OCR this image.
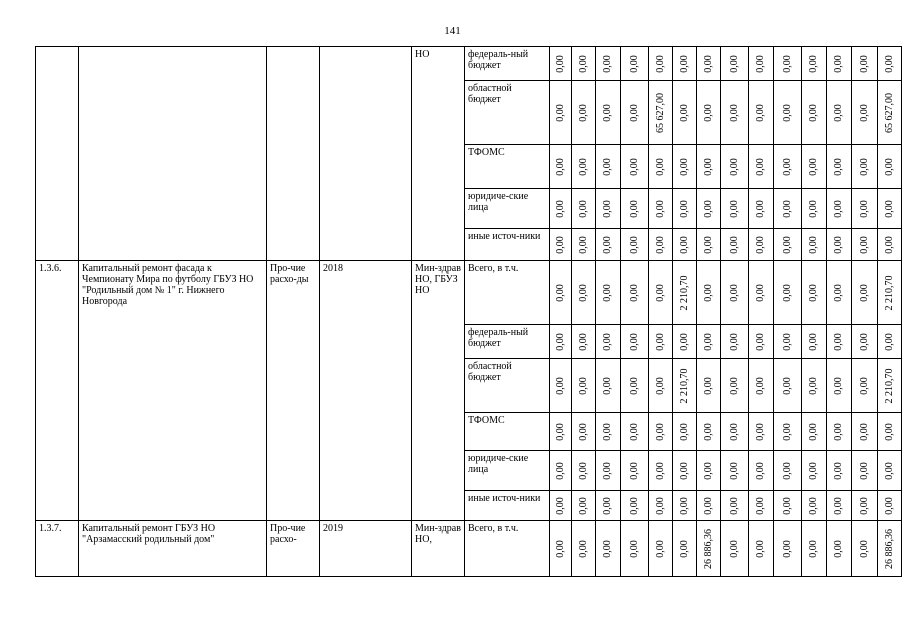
141
				НО	федераль-ный бюджет	0,00	0,00	0,00	0,00	0,00	0,00	0,00	0,00	0,00	0,00	0,00	0,00	0,00	0,00

					областной бюджет	0,00	0,00	0,00	0,00	65 627,00	0,00	0,00	0,00	0,00	0,00	0,00	0,00	0,00	65 627,00

					ТФОМС	0,00	0,00	0,00	0,00	0,00	0,00	0,00	0,00	0,00	0,00	0,00	0,00	0,00	0,00

					юридиче-ские лица	0,00	0,00	0,00	0,00	0,00	0,00	0,00	0,00	0,00	0,00	0,00	0,00	0,00	0,00

					иные источ-ники	0,00	0,00	0,00	0,00	0,00	0,00	0,00	0,00	0,00	0,00	0,00	0,00	0,00	0,00

1.3.6.	Капитальный ремонт фасада к Чемпионату Мира по футболу ГБУЗ НО "Родильный дом № 1" г. Нижнего Новгорода	Про-чие расхо-ды	2018	Мин-здрав НО, ГБУЗ НО	Всего, в т.ч.	0,00	0,00	0,00	0,00	0,00	2 210,70	0,00	0,00	0,00	0,00	0,00	0,00	0,00	2 210,70

					федераль-ный бюджет	0,00	0,00	0,00	0,00	0,00	0,00	0,00	0,00	0,00	0,00	0,00	0,00	0,00	0,00

					областной бюджет	0,00	0,00	0,00	0,00	0,00	2 210,70	0,00	0,00	0,00	0,00	0,00	0,00	0,00	2 210,70

					ТФОМС	0,00	0,00	0,00	0,00	0,00	0,00	0,00	0,00	0,00	0,00	0,00	0,00	0,00	0,00

					юридиче-ские лица	0,00	0,00	0,00	0,00	0,00	0,00	0,00	0,00	0,00	0,00	0,00	0,00	0,00	0,00

					иные источ-ники	0,00	0,00	0,00	0,00	0,00	0,00	0,00	0,00	0,00	0,00	0,00	0,00	0,00	0,00

1.3.7.	Капитальный ремонт ГБУЗ НО "Арзамасский родильный дом"	Про-чие расхо-	2019	Мин-здрав НО,	Всего, в т.ч.	0,00	0,00	0,00	0,00	0,00	0,00	26 886,36	0,00	0,00	0,00	0,00	0,00	0,00	26 886,36
